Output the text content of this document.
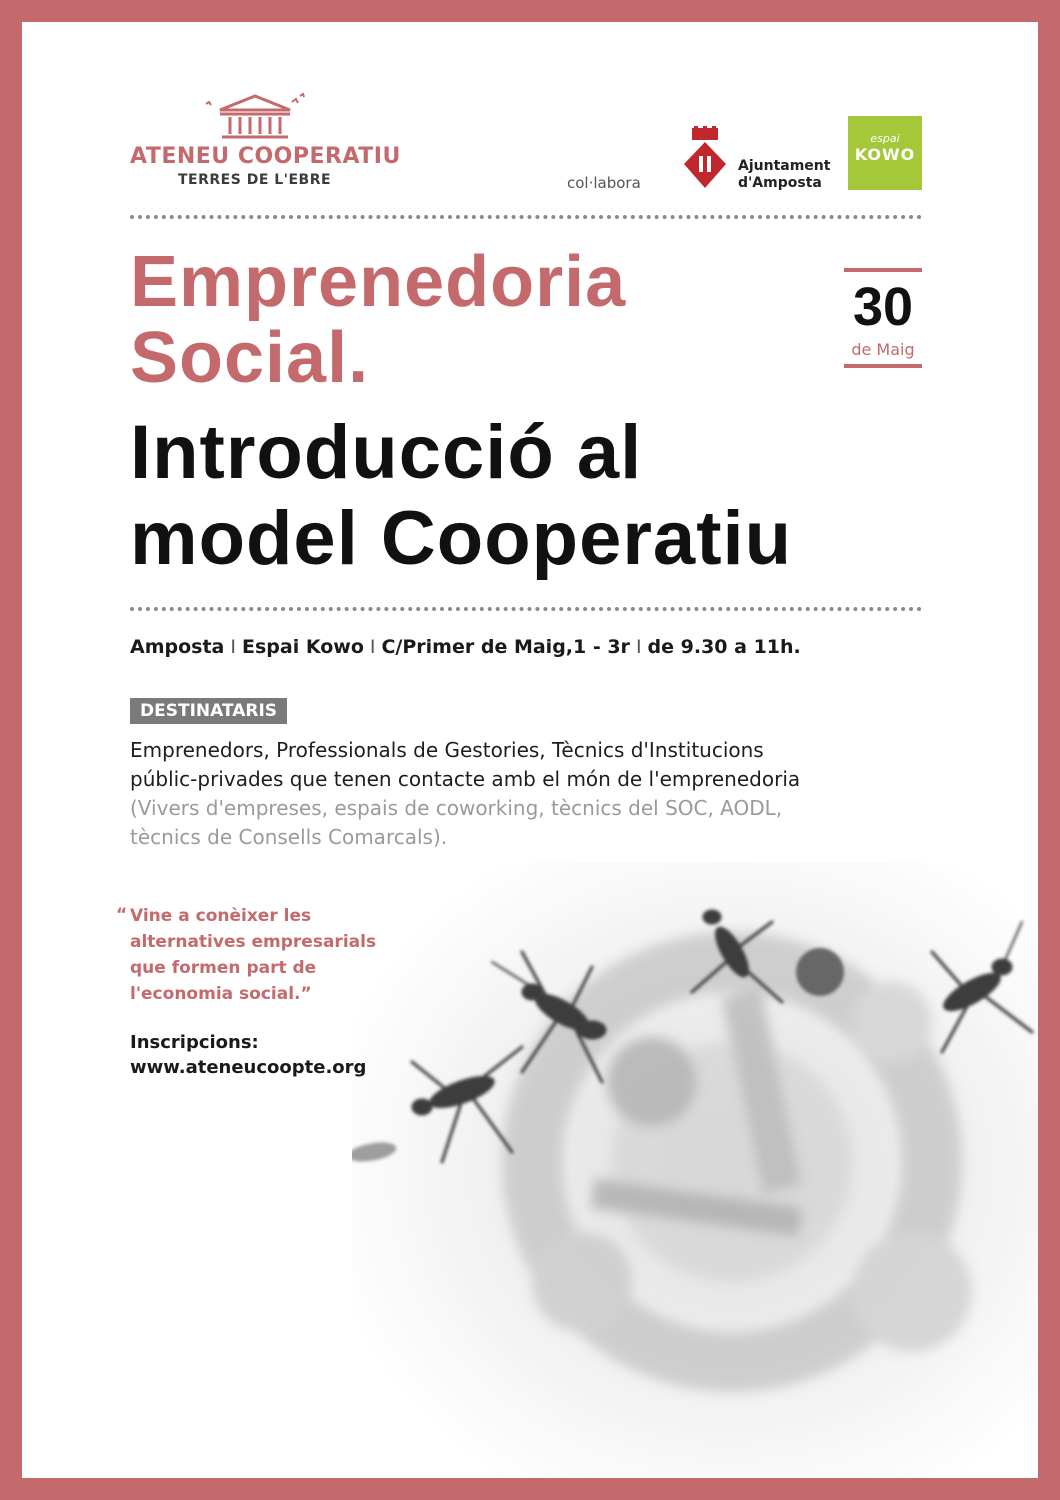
ATENEU COOPERATIU
TERRES DE L'EBRE	col·labora
Ajuntament
d'Amposta
espai
KOWO
Emprenedoria
Social.
Introducció al
model Cooperatiu
30
de Maig
Amposta I Espai Kowo I C/Primer de Maig,1 - 3r I de 9.30 a 11h.
DESTINATARIS
Emprenedors, Professionals de Gestories, Tècnics d'Institucions
públic-privades que tenen contacte amb el món de l'emprenedoria
(Vivers d'empreses, espais de coworking, tècnics del SOC, AODL,
tècnics de Consells Comarcals).
“ Vine a conèixer les
alternatives empresarials
que formen part de
l'economia social.”
Inscripcions:
www.ateneucoopte.org
